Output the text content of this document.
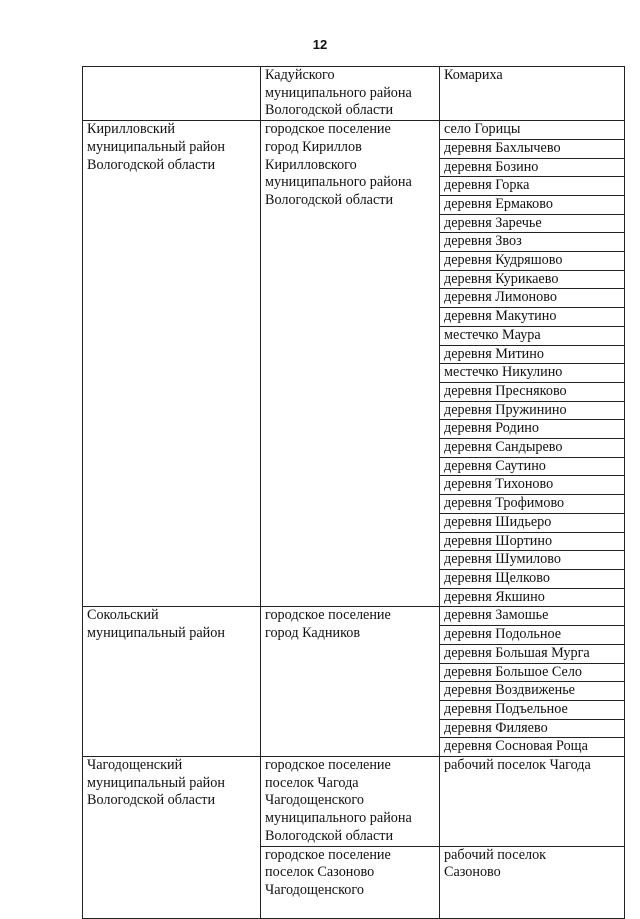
12
	Кадуйского
муниципального района
Вологодской области	Комариха
Кирилловский
муниципальный район
Вологодской области	городское поселение
город Кириллов
Кирилловского
муниципального района
Вологодской области	село Горицы
		деревня Бахлычево
		деревня Бозино
		деревня Горка
		деревня Ермаково
		деревня Заречье
		деревня Звоз
		деревня Кудряшово
		деревня Курикаево
		деревня Лимоново
		деревня Макутино
		местечко Маура
		деревня Митино
		местечко Никулино
		деревня Пресняково
		деревня Пружинино
		деревня Родино
		деревня Сандырево
		деревня Саутино
		деревня Тихоново
		деревня Трофимово
		деревня Шидьеро
		деревня Шортино
		деревня Шумилово
		деревня Щелково
		деревня Якшино
Сокольский
муниципальный район	городское поселение
город Кадников	деревня Замошье
		деревня Подольное
		деревня Большая Мурга
		деревня Большое Село
		деревня Воздвиженье
		деревня Подъельное
		деревня Филяево
		деревня Сосновая Роща
Чагодощенский
муниципальный район
Вологодской области	городское поселение
поселок Чагода
Чагодощенского
муниципального района
Вологодской области	рабочий поселок Чагода
	городское поселение
поселок Сазоново
Чагодощенского	рабочий поселок
Сазоново
